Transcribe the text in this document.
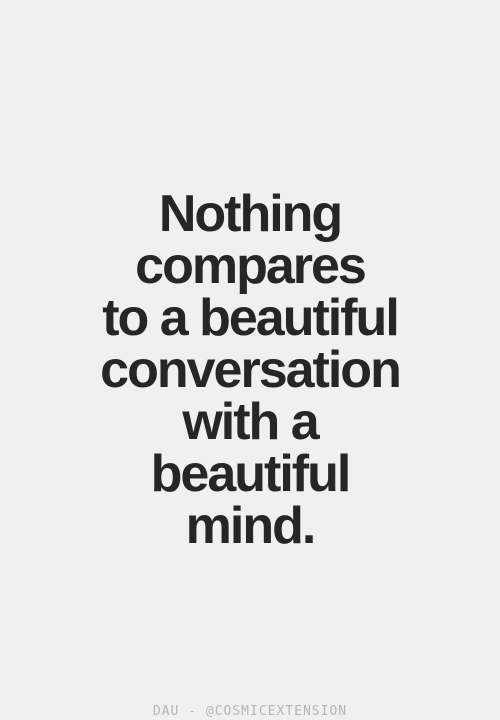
Nothing
compares
to a beautiful
conversation
with a
beautiful
mind.
DAU - @COSMICEXTENSION
